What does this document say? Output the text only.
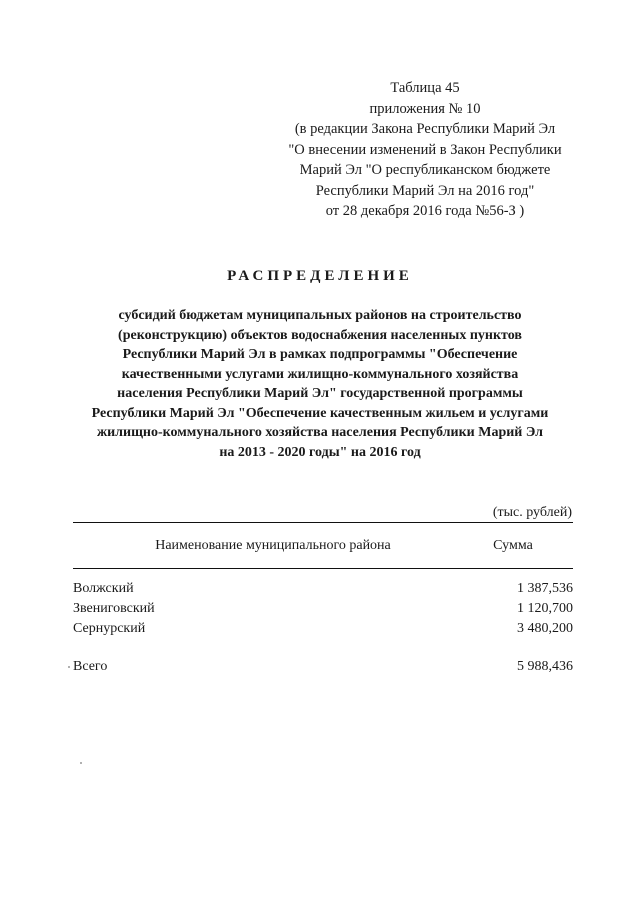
Таблица 45
приложения № 10
(в редакции Закона Республики Марий Эл
"О внесении изменений в Закон Республики
Марий Эл "О республиканском бюджете
Республики Марий Эл на 2016 год"
от 28 декабря 2016 года №56-З )
РАСПРЕДЕЛЕНИЕ
субсидий бюджетам муниципальных районов на строительство
(реконструкцию) объектов водоснабжения населенных пунктов
Республики Марий Эл в рамках подпрограммы "Обеспечение
качественными услугами жилищно-коммунального хозяйства
населения Республики Марий Эл" государственной программы
Республики Марий Эл "Обеспечение качественным жильем и услугами
жилищно-коммунального хозяйства населения Республики Марий Эл
на 2013 - 2020 годы" на 2016 год
(тыс. рублей)
Наименование муниципального района	Сумма
Волжский	1 387,536
Звениговский	1 120,700
Сернурский	3 480,200
Всего	5 988,436
